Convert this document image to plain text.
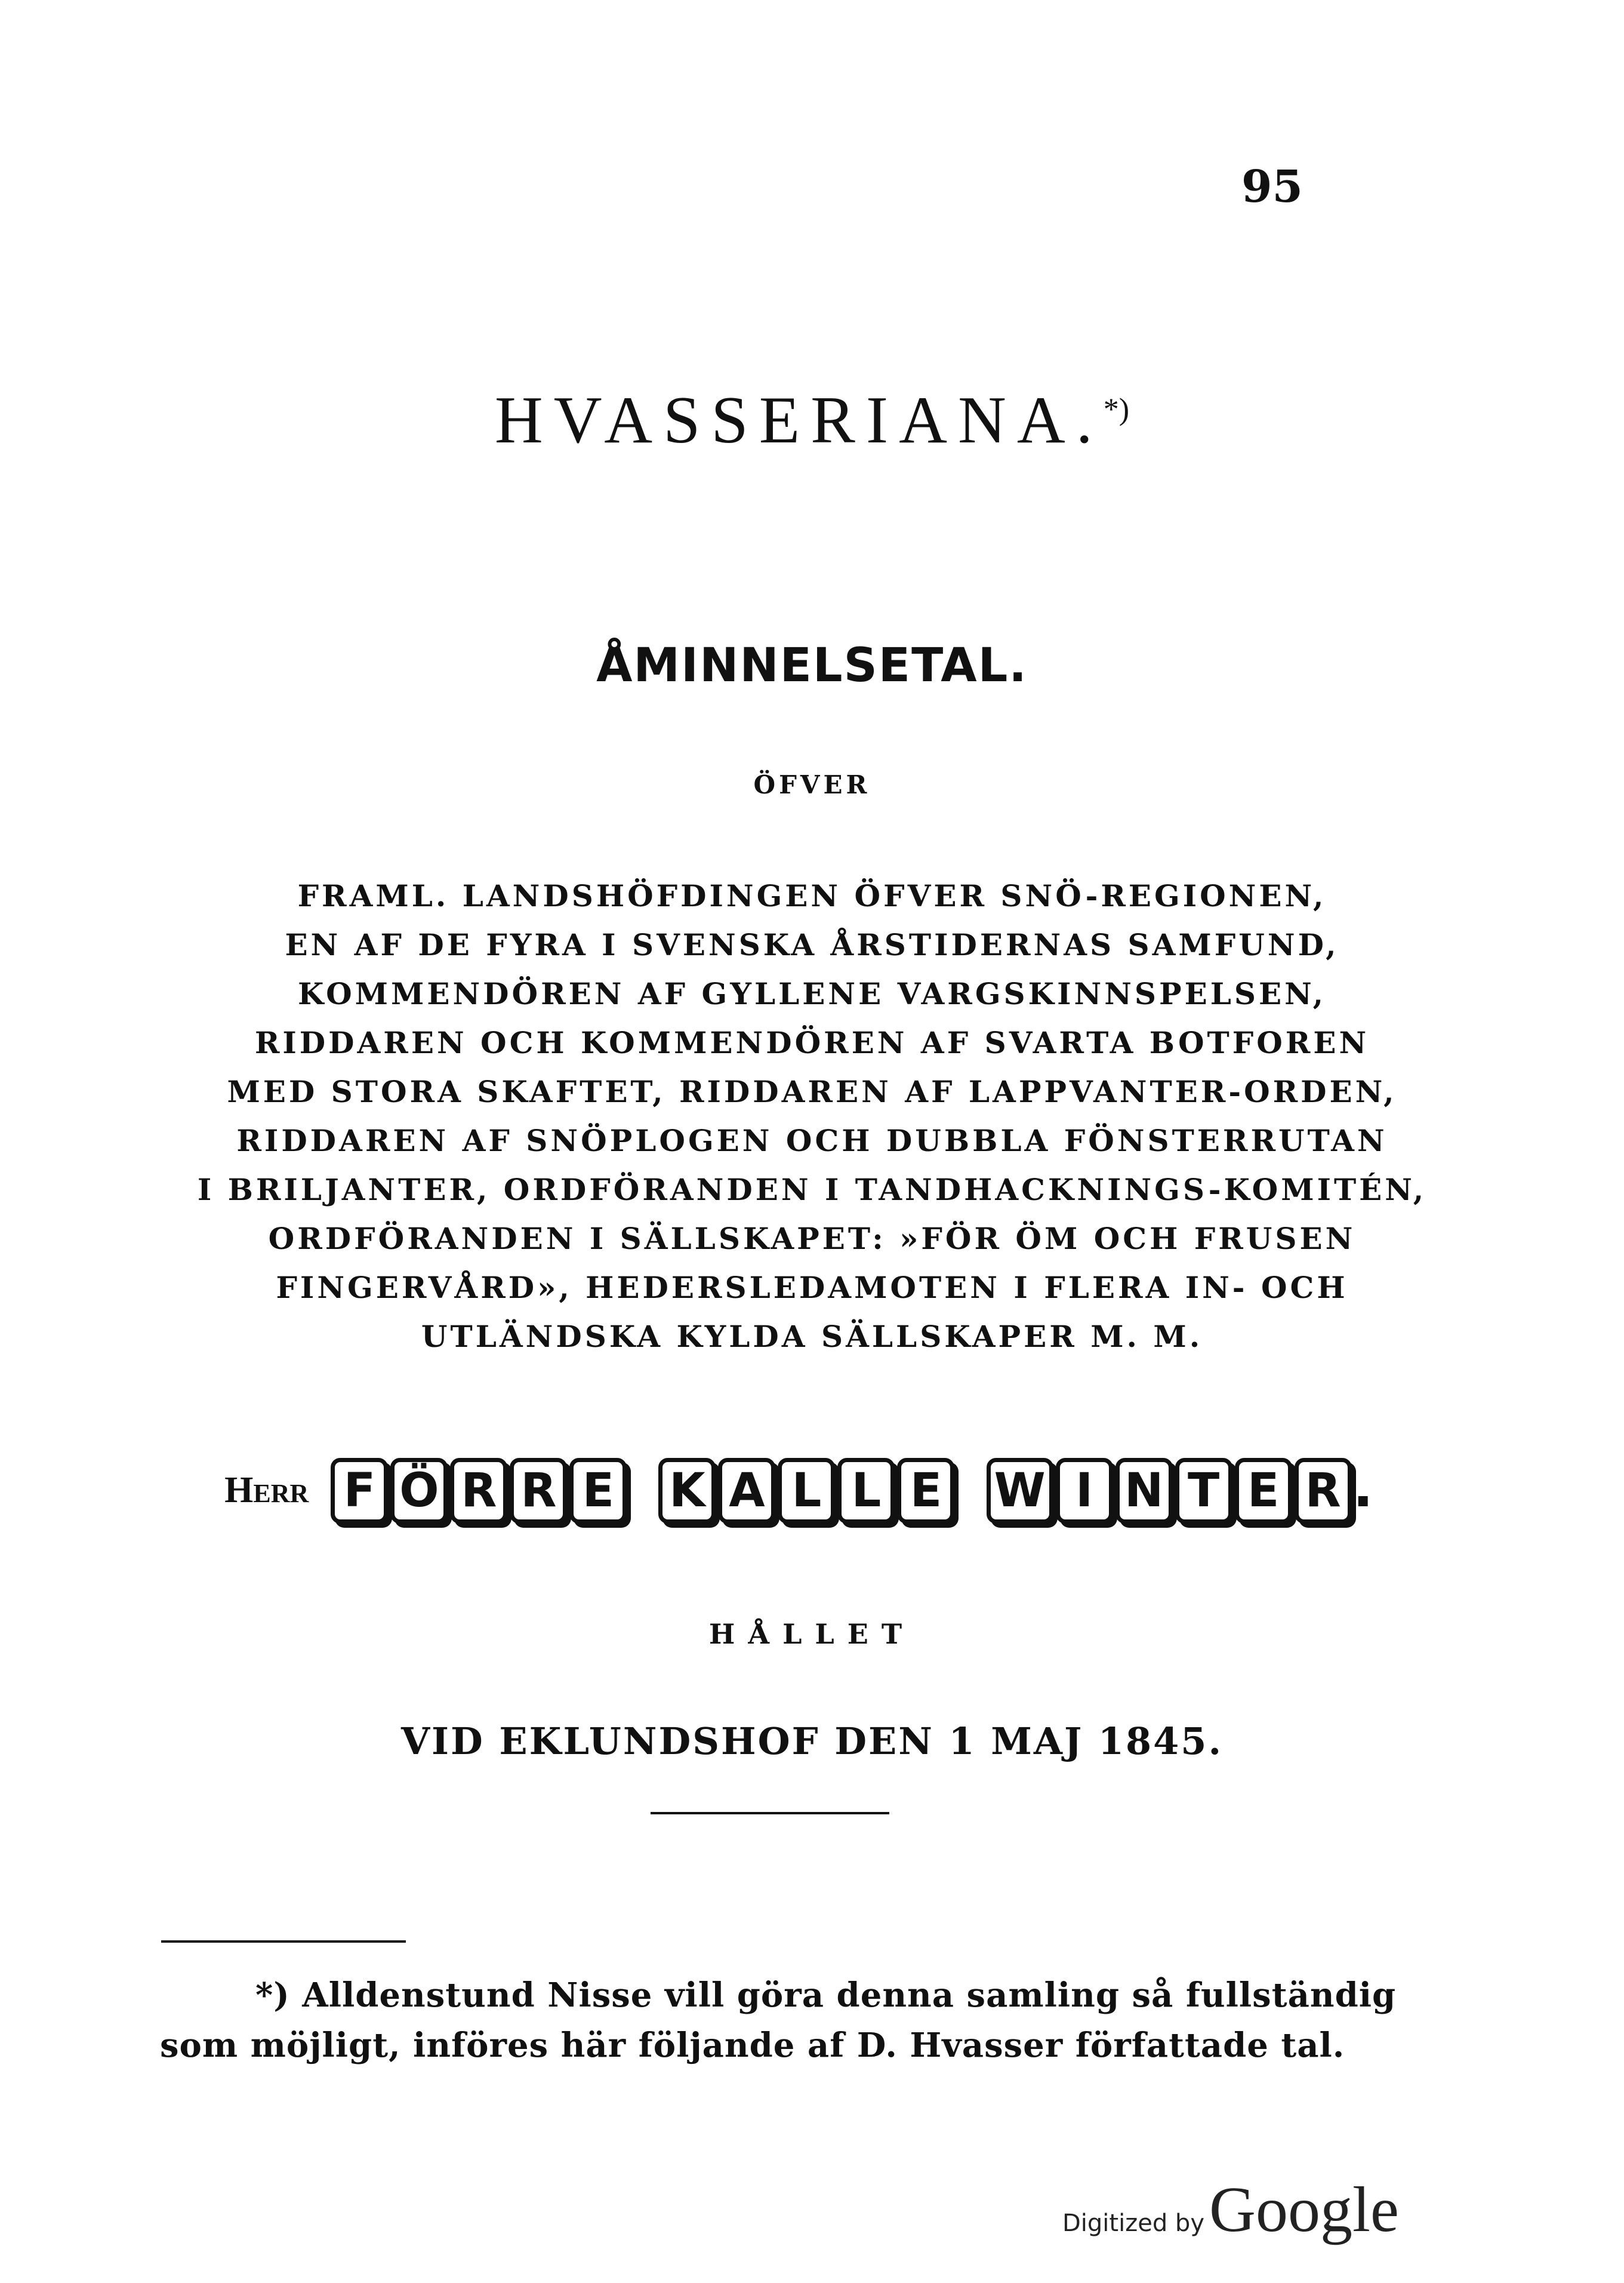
95
HVASSERIANA.*)
ÅMINNELSETAL.
ÖFVER
FRAML. LANDSHÖFDINGEN ÖFVER SNÖ-REGIONEN,
EN AF DE FYRA I SVENSKA ÅRSTIDERNAS SAMFUND,
KOMMENDÖREN AF GYLLENE VARGSKINNSPELSEN,
RIDDAREN OCH KOMMENDÖREN AF SVARTA BOTFOREN
MED STORA SKAFTET, RIDDAREN AF LAPPVANTER-ORDEN,
RIDDAREN AF SNÖPLOGEN OCH DUBBLA FÖNSTERRUTAN
I BRILJANTER, ORDFÖRANDEN I TANDHACKNINGS-KOMITÉN,
ORDFÖRANDEN I SÄLLSKAPET: »FÖR ÖM OCH FRUSEN
FINGERVÅRD», HEDERSLEDAMOTEN I FLERA IN- OCH
UTLÄNDSKA KYLDA SÄLLSKAPER M. M.
HERR F Ö R R E K A L L E W I N T E R .
HÅLLET
VID EKLUNDSHOF DEN 1 MAJ 1845.
*) Alldenstund Nisse vill göra denna samling så fullständig
som möjligt, införes här följande af D. Hvasser författade tal.
Digitized byGoogle
